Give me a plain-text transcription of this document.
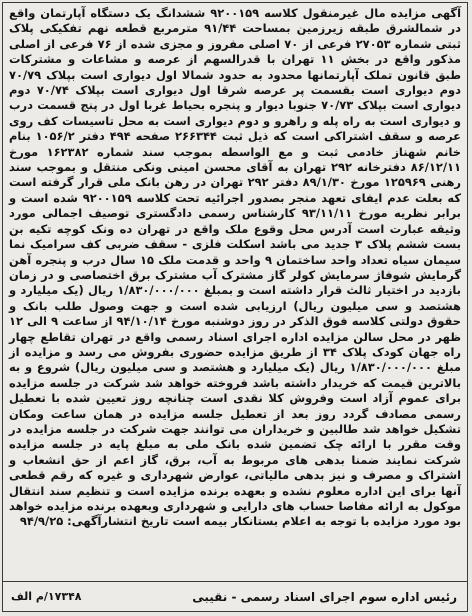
آگهی مزایده مال غیرمنقول کلاسه ۹۲۰۰۱۵۹ ششدانگ یک دستگاه آپارتمان واقع در شمالشرق طبقه زیرزمین بمساحت ۹۱/۴۴ مترمربع قطعه نهم تفکیکی پلاک ثبتی شماره ۲۷۰۵۳ فرعی از ۷۰ اصلی مفروز و مجزی شده از ۷۶ فرعی از اصلی مذکور واقع در بخش ۱۱ تهران با قدرالسهم از عرصه و مشاعات و مشترکات طبق قانون تملک آپارتمانها محدود به حدود شمالا اول دیواری است بپلاک ۷۰/۷۹ دوم دیواری است بقسمت پر عرصه شرقا اول دیواری است بپلاک ۷۰/۷۴ دوم دیواری است بپلاک ۷۰/۷۳ جنوبا دیوار و پنجره بحیاط غربا اول در پنج قسمت درب و دیواری است به راه پله و راهرو و دوم دیواری است به محل تاسیسات کف روی عرصه و سقف اشتراکی است که ذیل ثبت ۲۶۶۳۴۴ صفحه ۴۹۴ دفتر ۱۰۵۶/۲ بنام خانم شهناز خادمی ثبت و مع الواسطه بموجب سند شماره ۱۶۲۳۸۲ مورخ ۸۶/۱۲/۱۱ دفترخانه ۲۹۲ تهران به آقای محسن امینی ونکی منتقل و بموجب سند رهنی ۱۲۵۹۶۹ مورخ ۸۹/۱/۳۰ دفتر ۲۹۲ تهران در رهن بانک ملی قرار گرفته است که بعلت عدم ایفای تعهد منجر بصدور اجرائیه تحت کلاسه ۹۲۰۰۱۵۹ شده است و برابر نظریه مورخ ۹۳/۱۱/۱۱ کارشناس رسمی دادگستری توصیف اجمالی مورد وثیقه عبارت است آدرس محل وقوع ملک واقع در تهران ده ونک کوچه تکیه بن بست ششم پلاک ۳ جدید می باشد اسکلت فلزی - سقف ضربی کف سرامیک نما سیمان سیاه تعداد واحد ساختمان ۹ واحد و قدمت ملک ۱۵ سال درب و پنجره آهن گرمایش شوفاژ سرمایش کولر گاز مشترک آب مشترک برق اختصاصی و در زمان بازدید در اختیار ثالث قرار داشته است و بمبلغ ۱/۸۳۰/۰۰۰/۰۰۰ ریال (یک میلیارد و هشتصد و سی میلیون ریال) ارزیابی شده است و جهت وصول طلب بانک و حقوق دولتی کلاسه فوق الذکر در روز دوشنبه مورخ ۹۴/۱۰/۱۴ از ساعت ۹ الی ۱۲ ظهر در محل سالن مزایده اداره اجرای اسناد رسمی واقع در تهران تقاطع چهار راه جهان کودک پلاک ۳۴ از طریق مزایده حضوری بفروش می رسد و مزایده از مبلغ ۱/۸۳۰/۰۰۰/۰۰۰ ریال (یک میلیارد و هشتصد و سی میلیون ریال) شروع و به بالاترین قیمت که خریدار داشته باشد فروخته خواهد شد شرکت در جلسه مزایده برای عموم آزاد است وفروش کلا نقدی است چنانچه روز تعیین شده با تعطیل رسمی مصادف گردد روز بعد از تعطیل جلسه مزایده در همان ساعت ومکان تشکیل خواهد شد طالبین و خریداران می توانند جهت شرکت در جلسه مزایده در وقت مقرر با ارائه چک تضمین شده بانک ملی به مبلغ پایه در جلسه مزایده شرکت نمایند ضمنا بدهی های مربوط به آب، برق، گاز اعم از حق انشعاب و اشتراک و مصرف و نیز بدهی مالیاتی، عوارض شهرداری و غیره که رقم قطعی آنها برای این اداره معلوم نشده و بعهده برنده مزایده است و تنظیم سند انتقال موکول به ارائه مفاصا حساب های دارایی و شهرداری وبعهده برنده مزایده خواهد بود مورد مزایده با توجه به اعلام بستانکار بیمه است تاریخ انتشارآگهی: ۹۴/۹/۲۵
۱۷۳۴۸/م الف	رئیس اداره سوم اجرای اسناد رسمی - نقیبی
